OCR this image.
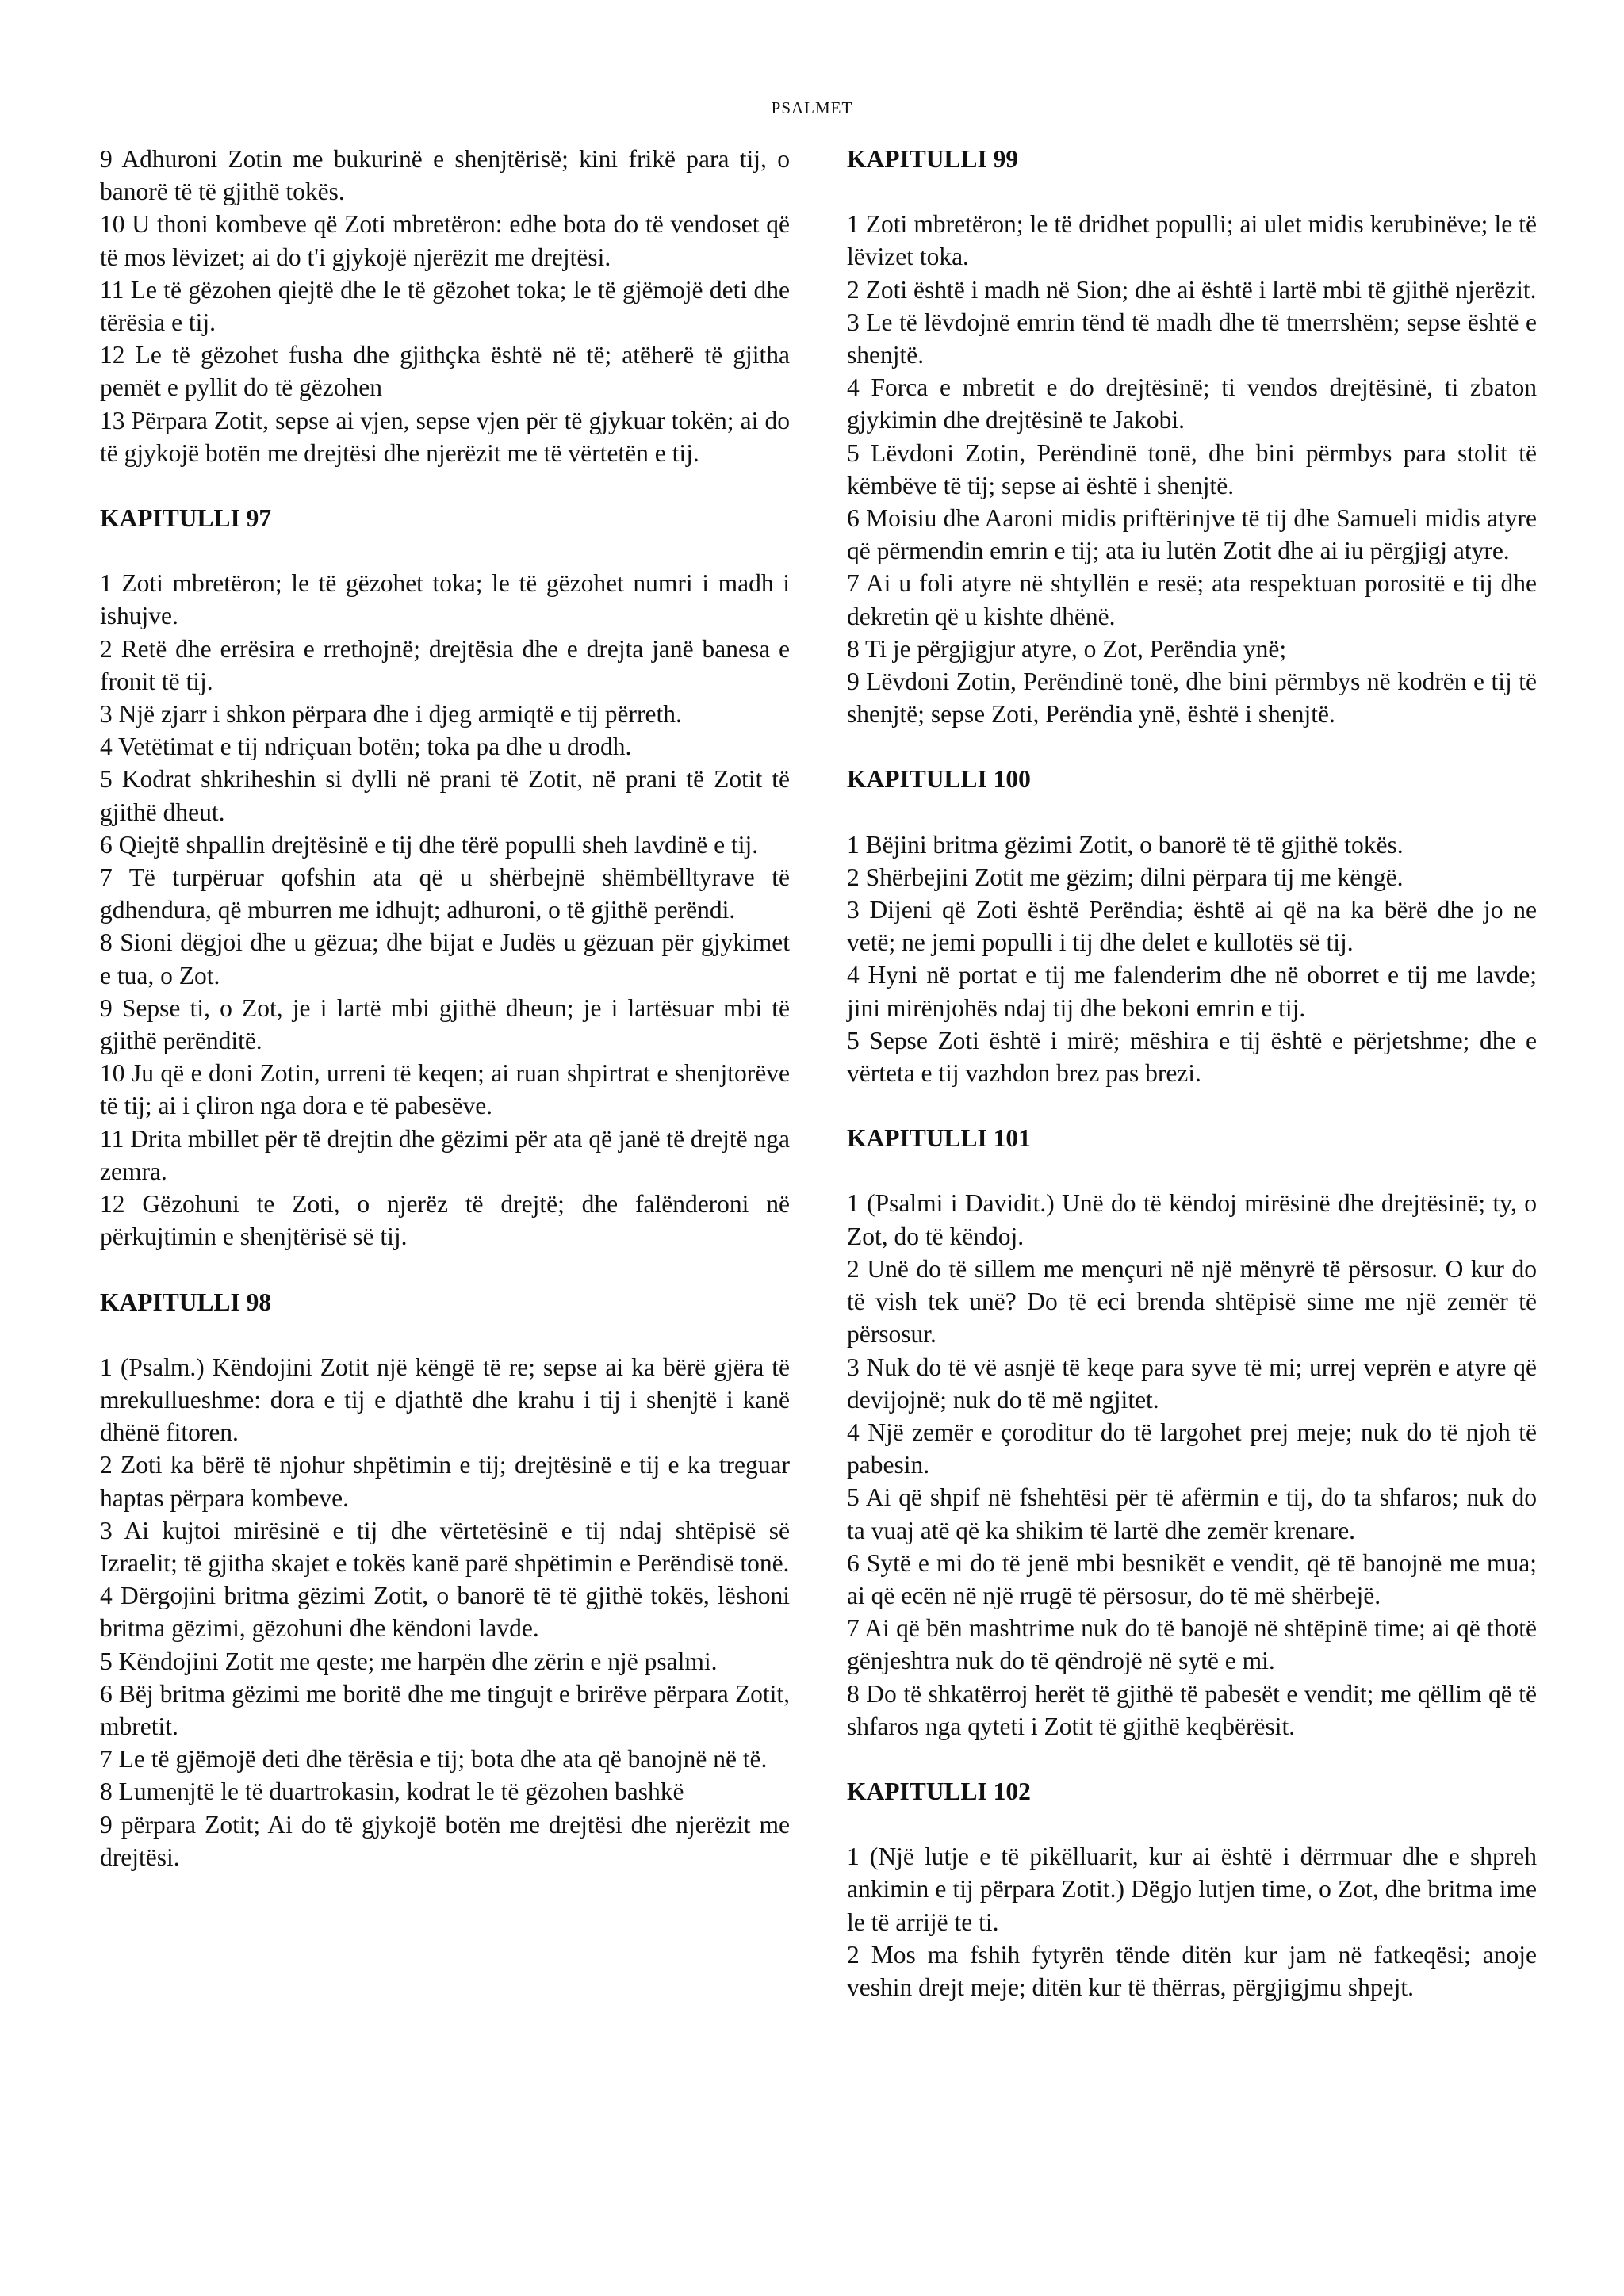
PSALMET

9 Adhuroni Zotin me bukurinë e shenjtërisë; kini frikë para tij, o banorë të të gjithë tokës.

10 U thoni kombeve që Zoti mbretëron: edhe bota do të vendoset që të mos lëvizet; ai do t'i gjykojë njerëzit me drejtësi.

11 Le të gëzohen qiejtë dhe le të gëzohet toka; le të gjëmojë deti dhe tërësia e tij.

12 Le të gëzohet fusha dhe gjithçka është në të; atëherë të gjitha pemët e pyllit do të gëzohen

13 Përpara Zotit, sepse ai vjen, sepse vjen për të gjykuar tokën; ai do të gjykojë botën me drejtësi dhe njerëzit me të vërtetën e tij.

KAPITULLI 97

1 Zoti mbretëron; le të gëzohet toka; le të gëzohet numri i madh i ishujve.

2 Retë dhe errësira e rrethojnë; drejtësia dhe e drejta janë banesa e fronit të tij.

3 Një zjarr i shkon përpara dhe i djeg armiqtë e tij përreth.

4 Vetëtimat e tij ndriçuan botën; toka pa dhe u drodh.

5 Kodrat shkriheshin si dylli në prani të Zotit, në prani të Zotit të gjithë dheut.

6 Qiejtë shpallin drejtësinë e tij dhe tërë populli sheh lavdinë e tij.

7 Të turpëruar qofshin ata që u shërbejnë shëmbëlltyrave të gdhendura, që mburren me idhujt; adhuroni, o të gjithë perëndi.

8 Sioni dëgjoi dhe u gëzua; dhe bijat e Judës u gëzuan për gjykimet e tua, o Zot.

9 Sepse ti, o Zot, je i lartë mbi gjithë dheun; je i lartësuar mbi të gjithë perënditë.

10 Ju që e doni Zotin, urreni të keqen; ai ruan shpirtrat e shenjtorëve të tij; ai i çliron nga dora e të pabesëve.

11 Drita mbillet për të drejtin dhe gëzimi për ata që janë të drejtë nga zemra.

12 Gëzohuni te Zoti, o njerëz të drejtë; dhe falënderoni në përkujtimin e shenjtërisë së tij.

KAPITULLI 98

1 (Psalm.) Këndojini Zotit një këngë të re; sepse ai ka bërë gjëra të mrekullueshme: dora e tij e djathtë dhe krahu i tij i shenjtë i kanë dhënë fitoren.

2 Zoti ka bërë të njohur shpëtimin e tij; drejtësinë e tij e ka treguar haptas përpara kombeve.

3 Ai kujtoi mirësinë e tij dhe vërtetësinë e tij ndaj shtëpisë së Izraelit; të gjitha skajet e tokës kanë parë shpëtimin e Perëndisë tonë.

4 Dërgojini britma gëzimi Zotit, o banorë të të gjithë tokës, lëshoni britma gëzimi, gëzohuni dhe këndoni lavde.

5 Këndojini Zotit me qeste; me harpën dhe zërin e një psalmi.

6 Bëj britma gëzimi me boritë dhe me tingujt e brirëve përpara Zotit, mbretit.

7 Le të gjëmojë deti dhe tërësia e tij; bota dhe ata që banojnë në të.

8 Lumenjtë le të duartrokasin, kodrat le të gëzohen bashkë

9 përpara Zotit; Ai do të gjykojë botën me drejtësi dhe njerëzit me drejtësi.

KAPITULLI 99

1 Zoti mbretëron; le të dridhet populli; ai ulet midis kerubinëve; le të lëvizet toka.

2 Zoti është i madh në Sion; dhe ai është i lartë mbi të gjithë njerëzit.

3 Le të lëvdojnë emrin tënd të madh dhe të tmerrshëm; sepse është e shenjtë.

4 Forca e mbretit e do drejtësinë; ti vendos drejtësinë, ti zbaton gjykimin dhe drejtësinë te Jakobi.

5 Lëvdoni Zotin, Perëndinë tonë, dhe bini përmbys para stolit të këmbëve të tij; sepse ai është i shenjtë.

6 Moisiu dhe Aaroni midis priftërinjve të tij dhe Samueli midis atyre që përmendin emrin e tij; ata iu lutën Zotit dhe ai iu përgjigj atyre.

7 Ai u foli atyre në shtyllën e resë; ata respektuan porositë e tij dhe dekretin që u kishte dhënë.

8 Ti je përgjigjur atyre, o Zot, Perëndia ynë;

9 Lëvdoni Zotin, Perëndinë tonë, dhe bini përmbys në kodrën e tij të shenjtë; sepse Zoti, Perëndia ynë, është i shenjtë.

KAPITULLI 100

1 Bëjini britma gëzimi Zotit, o banorë të të gjithë tokës.

2 Shërbejini Zotit me gëzim; dilni përpara tij me këngë.

3 Dijeni që Zoti është Perëndia; është ai që na ka bërë dhe jo ne vetë; ne jemi populli i tij dhe delet e kullotës së tij.

4 Hyni në portat e tij me falenderim dhe në oborret e tij me lavde; jini mirënjohës ndaj tij dhe bekoni emrin e tij.

5 Sepse Zoti është i mirë; mëshira e tij është e përjetshme; dhe e vërteta e tij vazhdon brez pas brezi.

KAPITULLI 101

1 (Psalmi i Davidit.) Unë do të këndoj mirësinë dhe drejtësinë; ty, o Zot, do të këndoj.

2 Unë do të sillem me mençuri në një mënyrë të përsosur. O kur do të vish tek unë? Do të eci brenda shtëpisë sime me një zemër të përsosur.

3 Nuk do të vë asnjë të keqe para syve të mi; urrej veprën e atyre që devijojnë; nuk do të më ngjitet.

4 Një zemër e çoroditur do të largohet prej meje; nuk do të njoh të pabesin.

5 Ai që shpif në fshehtësi për të afërmin e tij, do ta shfaros; nuk do ta vuaj atë që ka shikim të lartë dhe zemër krenare.

6 Sytë e mi do të jenë mbi besnikët e vendit, që të banojnë me mua; ai që ecën në një rrugë të përsosur, do të më shërbejë.

7 Ai që bën mashtrime nuk do të banojë në shtëpinë time; ai që thotë gënjeshtra nuk do të qëndrojë në sytë e mi.

8 Do të shkatërroj herët të gjithë të pabesët e vendit; me qëllim që të shfaros nga qyteti i Zotit të gjithë keqbërësit.

KAPITULLI 102

1 (Një lutje e të pikëlluarit, kur ai është i dërrmuar dhe e shpreh ankimin e tij përpara Zotit.) Dëgjo lutjen time, o Zot, dhe britma ime le të arrijë te ti.

2 Mos ma fshih fytyrën tënde ditën kur jam në fatkeqësi; anoje veshin drejt meje; ditën kur të thërras, përgjigjmu shpejt.
